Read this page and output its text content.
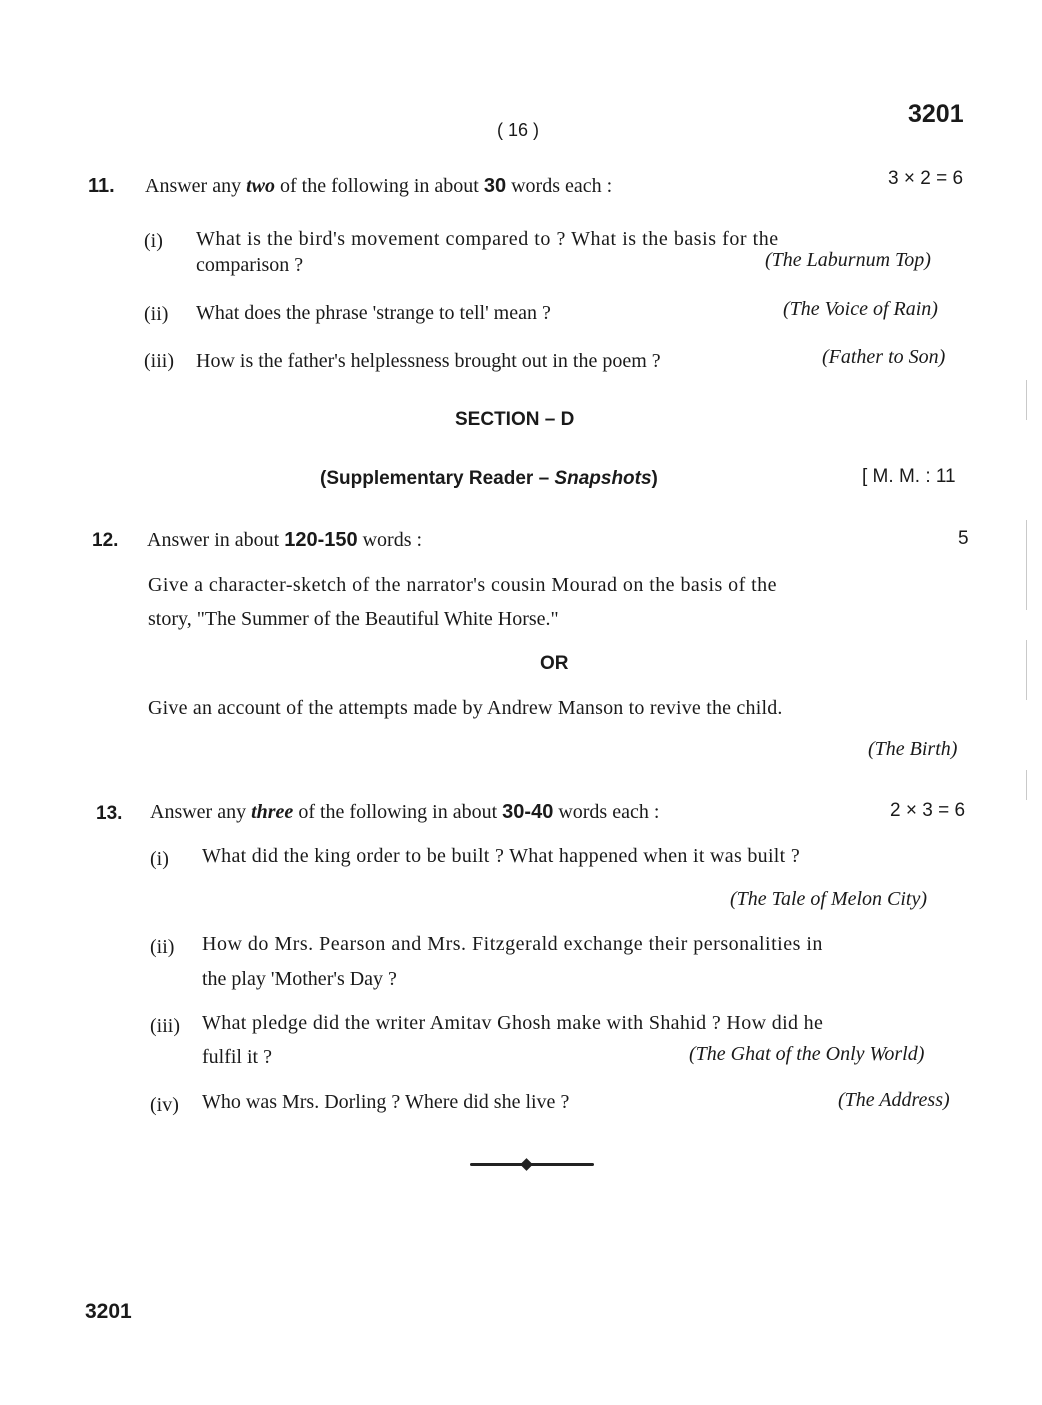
( 16 )
3201
11. Answer any two of the following in about 30 words each :	3 × 2 = 6
(i) What is the bird's movement compared to ? What is the basis for the
comparison ?	(The Laburnum Top)
(ii) What does the phrase 'strange to tell' mean ?	(The Voice of Rain)
(iii) How is the father's helplessness brought out in the poem ?	(Father to Son)
SECTION – D
(Supplementary Reader – Snapshots)	[ M. M. : 11
12. Answer in about 120-150 words :	5
Give a character-sketch of the narrator's cousin Mourad on the basis of the
story, "The Summer of the Beautiful White Horse."
OR
Give an account of the attempts made by Andrew Manson to revive the child.
(The Birth)
13. Answer any three of the following in about 30-40 words each :	2 × 3 = 6
(i) What did the king order to be built ? What happened when it was built ?
(The Tale of Melon City)
(ii) How do Mrs. Pearson and Mrs. Fitzgerald exchange their personalities in
the play 'Mother's Day ?
(iii) What pledge did the writer Amitav Ghosh make with Shahid ? How did he
fulfil it ?	(The Ghat of the Only World)
(iv) Who was Mrs. Dorling ? Where did she live ?	(The Address)
3201
